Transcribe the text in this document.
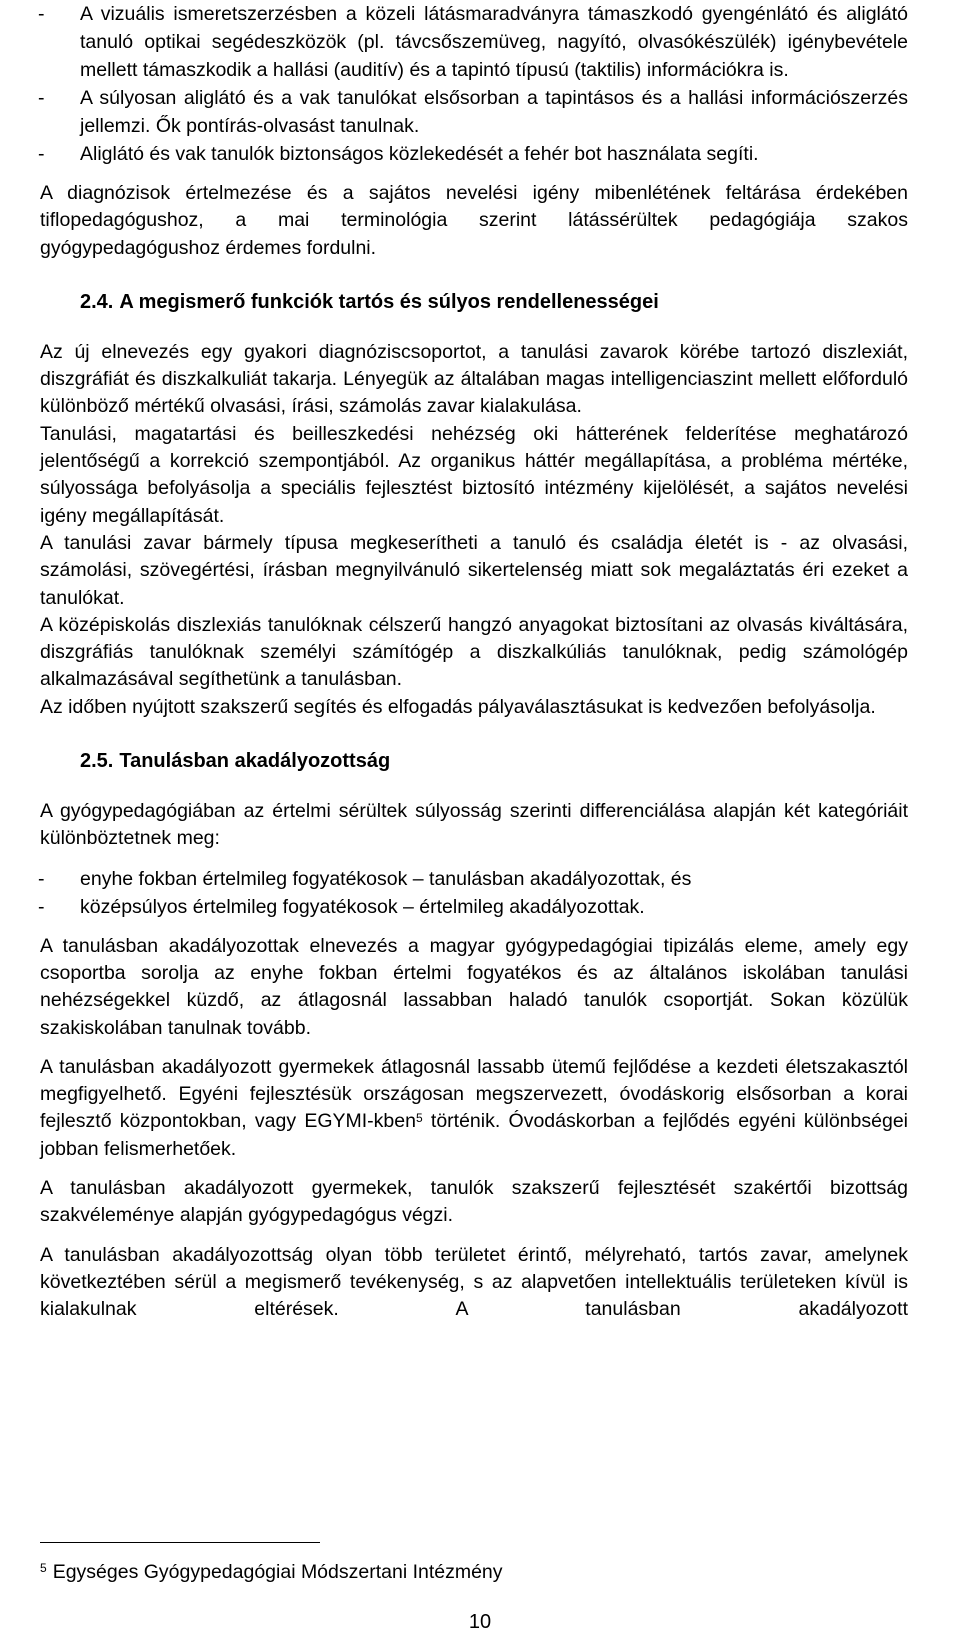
- A vizuális ismeretszerzésben a közeli látásmaradványra támaszkodó gyengénlátó és aliglátó tanuló optikai segédeszközök (pl. távcsőszemüveg, nagyító, olvasókészülék) igénybevétele mellett támaszkodik a hallási (auditív) és a tapintó típusú (taktilis) információkra is.
- A súlyosan aliglátó és a vak tanulókat elsősorban a tapintásos és a hallási információszerzés jellemzi. Ők pontírás-olvasást tanulnak.
- Aliglátó és vak tanulók biztonságos közlekedését a fehér bot használata segíti.

A diagnózisok értelmezése és a sajátos nevelési igény mibenlétének feltárása érdekében tiflopedagógushoz, a mai terminológia szerint látássérültek pedagógiája szakos gyógypedagógushoz érdemes fordulni.

2.4. A megismerő funkciók tartós és súlyos rendellenességei

Az új elnevezés egy gyakori diagnóziscsoportot, a tanulási zavarok körébe tartozó diszlexiát, diszgráfiát és diszkalkuliát takarja. Lényegük az általában magas intelligenciaszint mellett előforduló különböző mértékű olvasási, írási, számolás zavar kialakulása.

Tanulási, magatartási és beilleszkedési nehézség oki hátterének felderítése meghatározó jelentőségű a korrekció szempontjából. Az organikus háttér megállapítása, a probléma mértéke, súlyossága befolyásolja a speciális fejlesztést biztosító intézmény kijelölését, a sajátos nevelési igény megállapítását.

A tanulási zavar bármely típusa megkeserítheti a tanuló és családja életét is - az olvasási, számolási, szövegértési, írásban megnyilvánuló sikertelenség miatt sok megaláztatás éri ezeket a tanulókat.

A középiskolás diszlexiás tanulóknak célszerű hangzó anyagokat biztosítani az olvasás kiváltására, diszgráfiás tanulóknak személyi számítógép a diszkalkúliás tanulóknak, pedig számológép alkalmazásával segíthetünk a tanulásban.

Az időben nyújtott szakszerű segítés és elfogadás pályaválasztásukat is kedvezően befolyásolja.

2.5. Tanulásban akadályozottság

A gyógypedagógiában az értelmi sérültek súlyosság szerinti differenciálása alapján két kategóriáit különböztetnek meg:

- enyhe fokban értelmileg fogyatékosok – tanulásban akadályozottak, és
- középsúlyos értelmileg fogyatékosok – értelmileg akadályozottak.

A tanulásban akadályozottak elnevezés a magyar gyógypedagógiai tipizálás eleme, amely egy csoportba sorolja az enyhe fokban értelmi fogyatékos és az általános iskolában tanulási nehézségekkel küzdő, az átlagosnál lassabban haladó tanulók csoportját. Sokan közülük szakiskolában tanulnak tovább.

A tanulásban akadályozott gyermekek átlagosnál lassabb ütemű fejlődése a kezdeti életszakasztól megfigyelhető. Egyéni fejlesztésük országosan megszervezett, óvodáskorig elsősorban a korai fejlesztő központokban, vagy EGYMI-kben$^5$ történik. Óvodáskorban a fejlődés egyéni különbségei jobban felismerhetőek.

A tanulásban akadályozott gyermekek, tanulók szakszerű fejlesztését szakértői bizottság szakvéleménye alapján gyógypedagógus végzi.

A tanulásban akadályozottság olyan több területet érintő, mélyreható, tartós zavar, amelynek következtében sérül a megismerő tevékenység, s az alapvetően intellektuális területeken kívül is kialakulnak eltérések. A tanulásban akadályozott

$^5$ Egységes Gyógypedagógiai Módszertani Intézmény
10
